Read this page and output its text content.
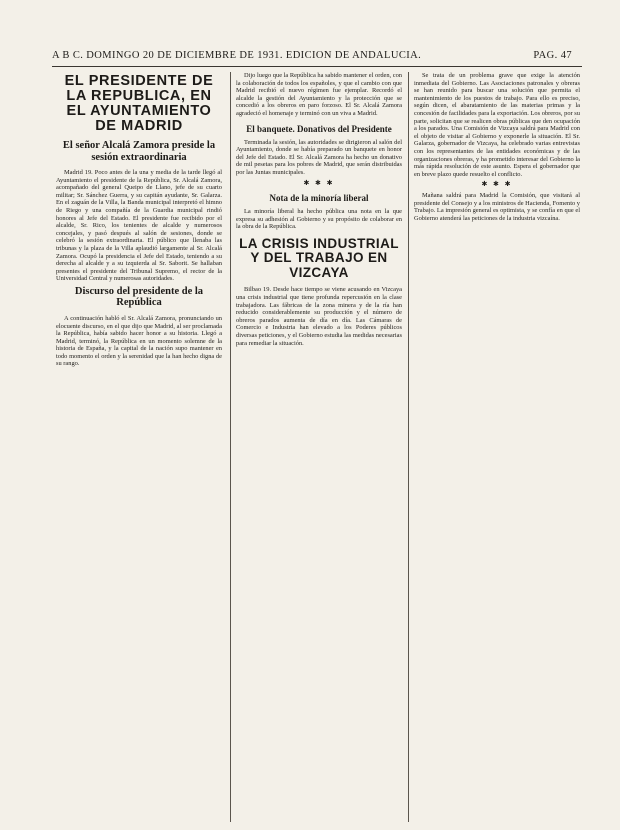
A B C. DOMINGO 20 DE DICIEMBRE DE 1931. EDICION DE ANDALUCIA.	PAG. 47
EL PRESIDENTE DE LA REPUBLICA, EN EL AYUNTAMIENTO DE MADRID
El señor Alcalá Zamora preside la sesión extraordinaria

Madrid 19. Poco antes de la una y media de la tarde llegó al Ayuntamiento el presidente de la República, Sr. Alcalá Zamora, acompañado del general Queipo de Llano, jefe de su cuarto militar; Sr. Sánchez Guerra, y su capitán ayudante, Sr. Galarza. En el zaguán de la Villa, la Banda municipal interpretó el himno de Riego y una compañía de la Guardia municipal rindió honores al Jefe del Estado. El presidente fue recibido por el alcalde, Sr. Rico, los tenientes de alcalde y numerosos concejales, y pasó después al salón de sesiones, donde se celebró la sesión extraordinaria. El público que llenaba las tribunas y la plaza de la Villa aplaudió largamente al Sr. Alcalá Zamora. Ocupó la presidencia el Jefe del Estado, teniendo a su derecha al alcalde y a su izquierda al Sr. Saborit. Se hallaban presentes el presidente del Tribunal Supremo, el rector de la Universidad Central y numerosas autoridades.

Discurso del presidente de la República

A continuación habló el Sr. Alcalá Zamora, pronunciando un elocuente discurso, en el que dijo que Madrid, al ser proclamada la República, había sabido hacer honor a su historia. Llegó a Madrid, terminó, la República en un momento solemne de la historia de España, y la capital de la nación supo mantener en todo momento el orden y la serenidad que la han hecho digna de su rango.

Dijo luego que la República ha sabido mantener el orden, con la colaboración de todos los españoles, y que el cambio con que Madrid recibió el nuevo régimen fue ejemplar. Recordó el alcalde la gestión del Ayuntamiento y la protección que se concedió a los obreros en paro forzoso. El Sr. Alcalá Zamora agradeció el homenaje y terminó con un viva a Madrid.

El banquete. Donativos del Presidente

Terminada la sesión, las autoridades se dirigieron al salón del Ayuntamiento, donde se había preparado un banquete en honor del Jefe del Estado. El Sr. Alcalá Zamora ha hecho un donativo de mil pesetas para los pobres de Madrid, que serán distribuidas por las Juntas municipales.

✱ ✱ ✱
Nota de la minoría liberal

La minoría liberal ha hecho pública una nota en la que expresa su adhesión al Gobierno y su propósito de colaborar en la obra de la República.

LA CRISIS INDUSTRIAL Y DEL TRABAJO EN VIZCAYA

Bilbao 19. Desde hace tiempo se viene acusando en Vizcaya una crisis industrial que tiene profunda repercusión en la clase trabajadora. Las fábricas de la zona minera y de la ría han reducido considerablemente su producción y el número de obreros parados aumenta de día en día. Las Cámaras de Comercio e Industria han elevado a los Poderes públicos diversas peticiones, y el Gobierno estudia las medidas necesarias para remediar la situación.

Se trata de un problema grave que exige la atención inmediata del Gobierno. Las Asociaciones patronales y obreras se han reunido para buscar una solución que permita el mantenimiento de los puestos de trabajo. Para ello es preciso, según dicen, el abaratamiento de las materias primas y la concesión de facilidades para la exportación. Los obreros, por su parte, solicitan que se realicen obras públicas que den ocupación a los parados. Una Comisión de Vizcaya saldrá para Madrid con el objeto de visitar al Gobierno y exponerle la situación. El Sr. Galarza, gobernador de Vizcaya, ha celebrado varias entrevistas con los representantes de las entidades económicas y de las organizaciones obreras, y ha prometido interesar del Gobierno la más rápida resolución de este asunto. Espera el gobernador que en breve plazo quede resuelto el conflicto.

✱ ✱ ✱

Mañana saldrá para Madrid la Comisión, que visitará al presidente del Consejo y a los ministros de Hacienda, Fomento y Trabajo. La impresión general es optimista, y se confía en que el Gobierno atenderá las peticiones de la industria vizcaína.
